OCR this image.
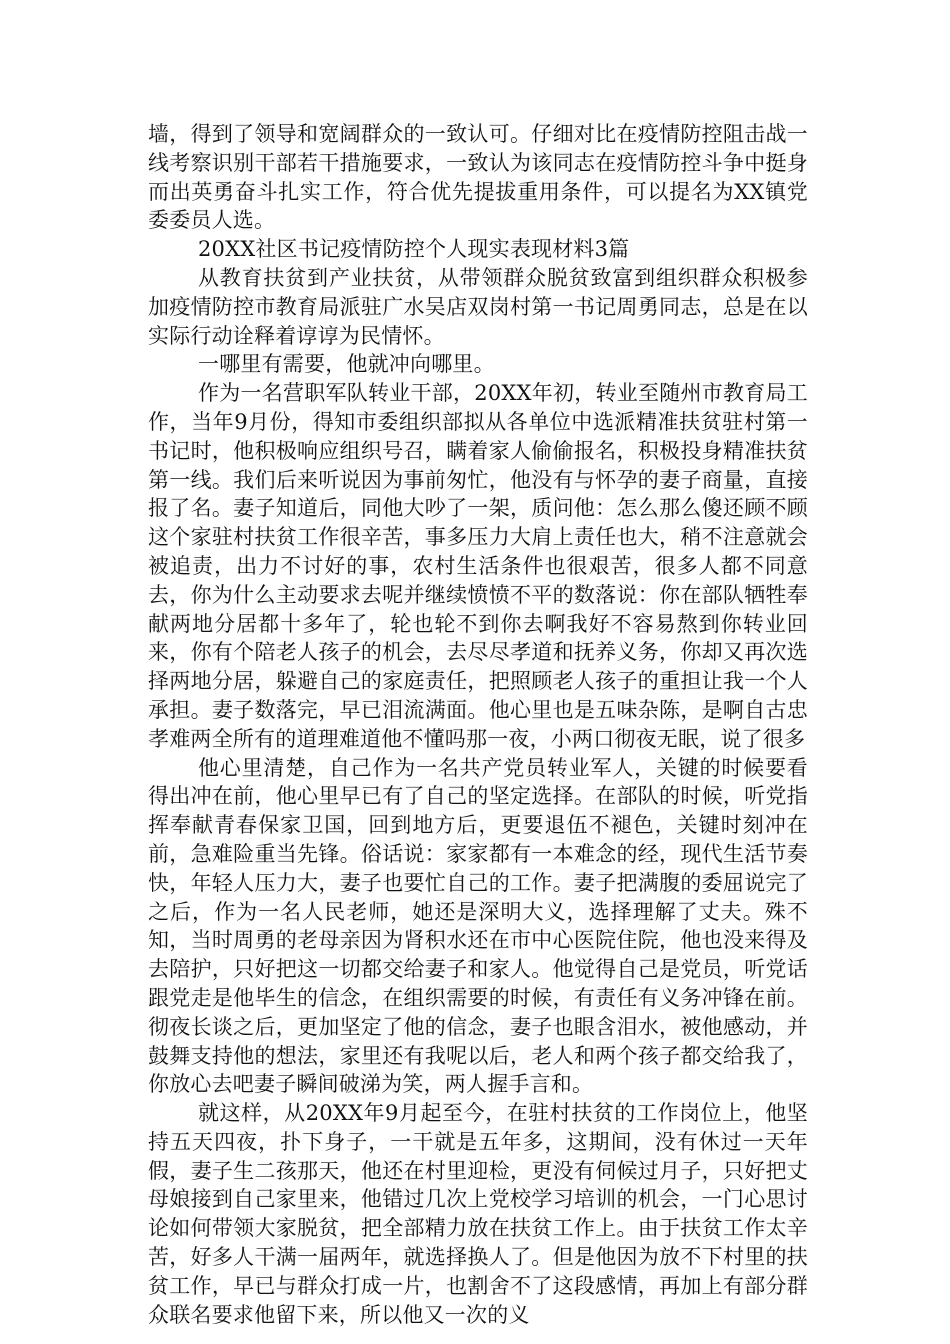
墙，得到了领导和宽阔群众的一致认可。仔细对比在疫情防控阻击战一线考察识别干部若干措施要求，一致认为该同志在疫情防控斗争中挺身而出英勇奋斗扎实工作，符合优先提拔重用条件，可以提名为XX镇党委委员人选。

20XX社区书记疫情防控个人现实表现材料3篇

从教育扶贫到产业扶贫，从带领群众脱贫致富到组织群众积极参加疫情防控市教育局派驻广水吴店双岗村第一书记周勇同志，总是在以实际行动诠释着谆谆为民情怀。

一哪里有需要，他就冲向哪里。

作为一名营职军队转业干部，20XX年初，转业至随州市教育局工作，当年9月份，得知市委组织部拟从各单位中选派精准扶贫驻村第一书记时，他积极响应组织号召，瞒着家人偷偷报名，积极投身精准扶贫第一线。我们后来听说因为事前匆忙，他没有与怀孕的妻子商量，直接报了名。妻子知道后，同他大吵了一架，质问他：怎么那么傻还顾不顾这个家驻村扶贫工作很辛苦，事多压力大肩上责任也大，稍不注意就会被追责，出力不讨好的事，农村生活条件也很艰苦，很多人都不同意去，你为什么主动要求去呢并继续愤愤不平的数落说：你在部队牺牲奉献两地分居都十多年了，轮也轮不到你去啊我好不容易熬到你转业回来，你有个陪老人孩子的机会，去尽尽孝道和抚养义务，你却又再次选择两地分居，躲避自己的家庭责任，把照顾老人孩子的重担让我一个人承担。妻子数落完，早已泪流满面。他心里也是五味杂陈，是啊自古忠孝难两全所有的道理难道他不懂吗那一夜，小两口彻夜无眠，说了很多

他心里清楚，自己作为一名共产党员转业军人，关键的时候要看得出冲在前，他心里早已有了自己的坚定选择。在部队的时候，听党指挥奉献青春保家卫国，回到地方后，更要退伍不褪色，关键时刻冲在前，急难险重当先锋。俗话说：家家都有一本难念的经，现代生活节奏快，年轻人压力大，妻子也要忙自己的工作。妻子把满腹的委屈说完了之后，作为一名人民老师，她还是深明大义，选择理解了丈夫。殊不知，当时周勇的老母亲因为肾积水还在市中心医院住院，他也没来得及去陪护，只好把这一切都交给妻子和家人。他觉得自己是党员，听党话跟党走是他毕生的信念，在组织需要的时候，有责任有义务冲锋在前。彻夜长谈之后，更加坚定了他的信念，妻子也眼含泪水，被他感动，并鼓舞支持他的想法，家里还有我呢以后，老人和两个孩子都交给我了，你放心去吧妻子瞬间破涕为笑，两人握手言和。

就这样，从20XX年9月起至今，在驻村扶贫的工作岗位上，他坚持五天四夜，扑下身子，一干就是五年多，这期间，没有休过一天年假，妻子生二孩那天，他还在村里迎检，更没有伺候过月子，只好把丈母娘接到自己家里来，他错过几次上党校学习培训的机会，一门心思讨论如何带领大家脱贫，把全部精力放在扶贫工作上。由于扶贫工作太辛苦，好多人干满一届两年，就选择换人了。但是他因为放不下村里的扶贫工作，早已与群众打成一片，也割舍不了这段感情，再加上有部分群众联名要求他留下来，所以他又一次的义
